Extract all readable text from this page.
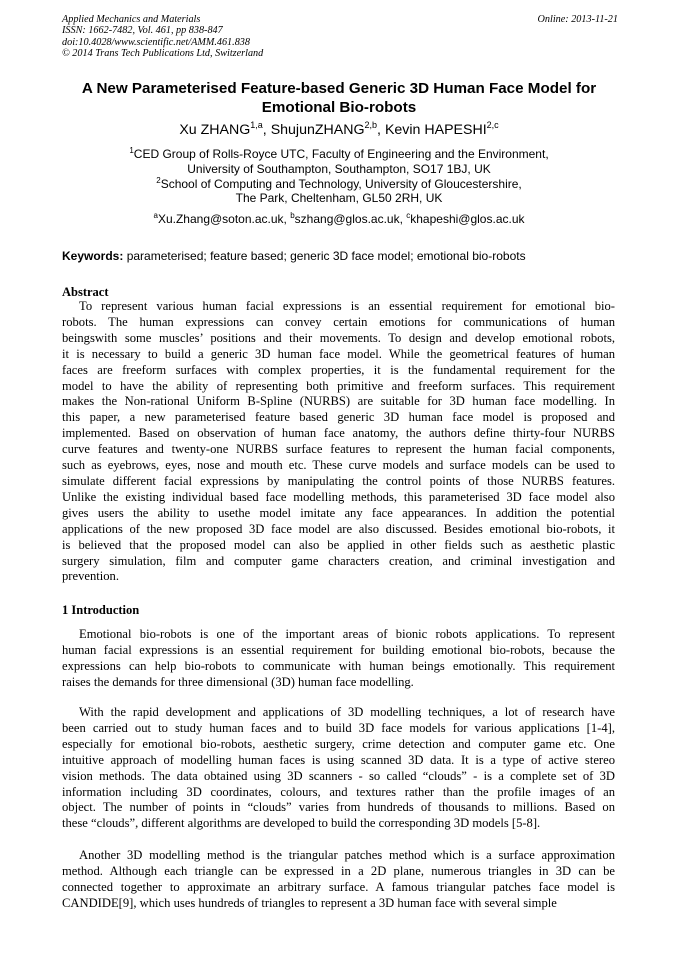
Applied Mechanics and Materials
ISSN: 1662-7482, Vol. 461, pp 838-847
doi:10.4028/www.scientific.net/AMM.461.838
© 2014 Trans Tech Publications Ltd, Switzerland
Online: 2013-11-21
A New Parameterised Feature-based Generic 3D Human Face Model for
Emotional Bio-robots
Xu ZHANG$^{1,a}$, ShujunZHANG$^{2,b}$, Kevin HAPESHI$^{2,c}$
$^1$CED Group of Rolls-Royce UTC, Faculty of Engineering and the Environment,
University of Southampton, Southampton, SO17 1BJ, UK
$^2$School of Computing and Technology, University of Gloucestershire,
The Park, Cheltenham, GL50 2RH, UK
$^a$Xu.Zhang@soton.ac.uk, $^b$szhang@glos.ac.uk, $^c$khapeshi@glos.ac.uk
Keywords: parameterised; feature based; generic 3D face model; emotional bio-robots
Abstract
To represent various human facial expressions is an essential requirement for emotional bio-
robots. The human expressions can convey certain emotions for communications of human
beingswith some muscles’ positions and their movements. To design and develop emotional robots,
it is necessary to build a generic 3D human face model. While the geometrical features of human
faces are freeform surfaces with complex properties, it is the fundamental requirement for the
model to have the ability of representing both primitive and freeform surfaces. This requirement
makes the Non-rational Uniform B-Spline (NURBS) are suitable for 3D human face modelling. In
this paper, a new parameterised feature based generic 3D human face model is proposed and
implemented. Based on observation of human face anatomy, the authors define thirty-four NURBS
curve features and twenty-one NURBS surface features to represent the human facial components,
such as eyebrows, eyes, nose and mouth etc. These curve models and surface models can be used to
simulate different facial expressions by manipulating the control points of those NURBS features.
Unlike the existing individual based face modelling methods, this parameterised 3D face model also
gives users the ability to usethe model imitate any face appearances. In addition the potential
applications of the new proposed 3D face model are also discussed. Besides emotional bio-robots, it
is believed that the proposed model can also be applied in other fields such as aesthetic plastic
surgery simulation, film and computer game characters creation, and criminal investigation and
prevention.
1 Introduction
Emotional bio-robots is one of the important areas of bionic robots applications. To represent
human facial expressions is an essential requirement for building emotional bio-robots, because the
expressions can help bio-robots to communicate with human beings emotionally. This requirement
raises the demands for three dimensional (3D) human face modelling.
With the rapid development and applications of 3D modelling techniques, a lot of research have
been carried out to study human faces and to build 3D face models for various applications [1-4],
especially for emotional bio-robots, aesthetic surgery, crime detection and computer game etc. One
intuitive approach of modelling human faces is using scanned 3D data. It is a type of active stereo
vision methods. The data obtained using 3D scanners - so called “clouds” - is a complete set of 3D
information including 3D coordinates, colours, and textures rather than the profile images of an
object. The number of points in “clouds” varies from hundreds of thousands to millions. Based on
these “clouds”, different algorithms are developed to build the corresponding 3D models [5-8].
Another 3D modelling method is the triangular patches method which is a surface approximation
method. Although each triangle can be expressed in a 2D plane, numerous triangles in 3D can be
connected together to approximate an arbitrary surface. A famous triangular patches face model is
CANDIDE[9], which uses hundreds of triangles to represent a 3D human face with several simple
